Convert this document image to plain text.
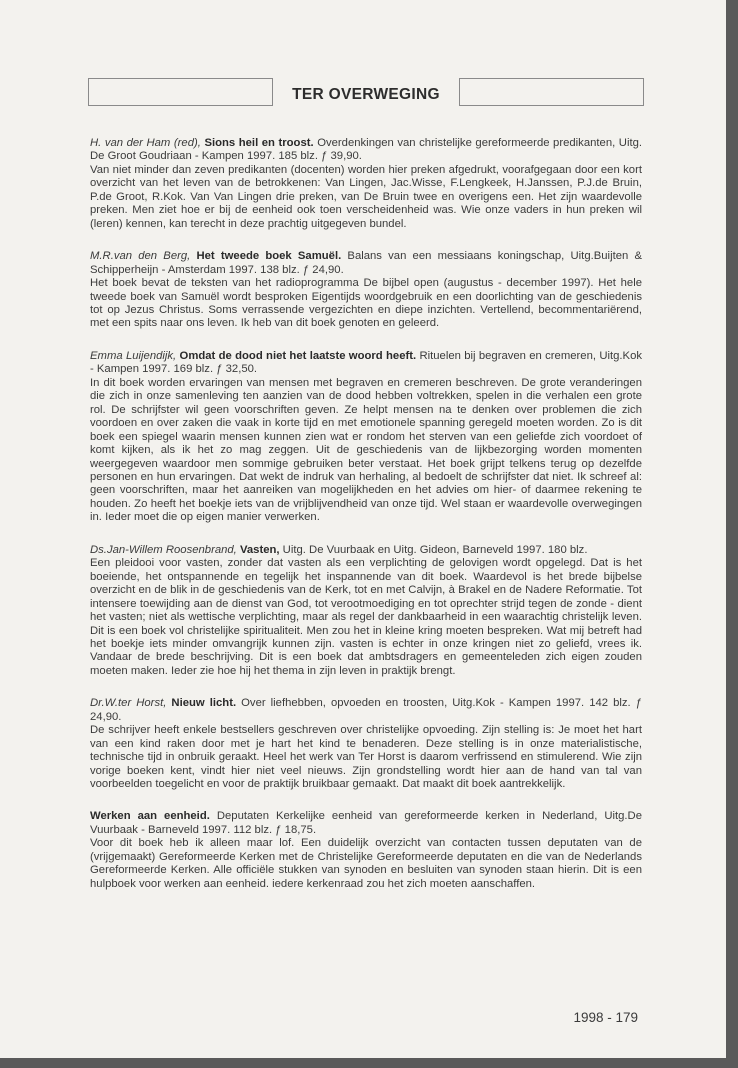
TER OVERWEGING

H. van der Ham (red), Sions heil en troost. Overdenkingen van christelijke gereformeerde predikanten, Uitg. De Groot Goudriaan - Kampen 1997. 185 blz. ƒ 39,90.

Van niet minder dan zeven predikanten (docenten) worden hier preken afgedrukt, voorafgegaan door een kort overzicht van het leven van de betrokkenen: Van Lingen, Jac.Wisse, F.Lengkeek, H.Janssen, P.J.de Bruin, P.de Groot, R.Kok. Van Van Lingen drie preken, van De Bruin twee en overigens een. Het zijn waardevolle preken. Men ziet hoe er bij de eenheid ook toen verscheidenheid was. Wie onze vaders in hun preken wil (leren) kennen, kan terecht in deze prachtig uitgegeven bundel.

M.R.van den Berg, Het tweede boek Samuël. Balans van een messiaans koningschap, Uitg.Buijten & Schipperheijn - Amsterdam 1997. 138 blz. ƒ 24,90.

Het boek bevat de teksten van het radioprogramma De bijbel open (augustus - december 1997). Het hele tweede boek van Samuël wordt besproken Eigentijds woordgebruik en een doorlichting van de geschiedenis tot op Jezus Christus. Soms verrassende vergezichten en diepe inzichten. Vertellend, becommentariërend, met een spits naar ons leven. Ik heb van dit boek genoten en geleerd.

Emma Luijendijk, Omdat de dood niet het laatste woord heeft. Rituelen bij begraven en cremeren, Uitg.Kok - Kampen 1997. 169 blz. ƒ 32,50.

In dit boek worden ervaringen van mensen met begraven en cremeren beschreven. De grote veranderingen die zich in onze samenleving ten aanzien van de dood hebben voltrekken, spelen in die verhalen een grote rol. De schrijfster wil geen voorschriften geven. Ze helpt mensen na te denken over problemen die zich voordoen en over zaken die vaak in korte tijd en met emotionele spanning geregeld moeten worden. Zo is dit boek een spiegel waarin mensen kunnen zien wat er rondom het sterven van een geliefde zich voordoet of komt kijken, als ik het zo mag zeggen. Uit de geschiedenis van de lijkbezorging worden momenten weergegeven waardoor men sommige gebruiken beter verstaat. Het boek grijpt telkens terug op dezelfde personen en hun ervaringen. Dat wekt de indruk van herhaling, al bedoelt de schrijfster dat niet. Ik schreef al: geen voorschriften, maar het aanreiken van mogelijkheden en het advies om hier- of daarmee rekening te houden. Zo heeft het boekje iets van de vrijblijvendheid van onze tijd. Wel staan er waardevolle overwegingen in. Ieder moet die op eigen manier verwerken.

Ds.Jan-Willem Roosenbrand, Vasten, Uitg. De Vuurbaak en Uitg. Gideon, Barneveld 1997. 180 blz.

Een pleidooi voor vasten, zonder dat vasten als een verplichting de gelovigen wordt opgelegd. Dat is het boeiende, het ontspannende en tegelijk het inspannende van dit boek. Waardevol is het brede bijbelse overzicht en de blik in de geschiedenis van de Kerk, tot en met Calvijn, à Brakel en de Nadere Reformatie. Tot intensere toewijding aan de dienst van God, tot verootmoediging en tot oprechter strijd tegen de zonde - dient het vasten; niet als wettische verplichting, maar als regel der dankbaarheid in een waarachtig christelijk leven. Dit is een boek vol christelijke spiritualiteit. Men zou het in kleine kring moeten bespreken. Wat mij betreft had het boekje iets minder omvangrijk kunnen zijn. vasten is echter in onze kringen niet zo geliefd, vrees ik. Vandaar de brede beschrijving. Dit is een boek dat ambtsdragers en gemeenteleden zich eigen zouden moeten maken. Ieder zie hoe hij het thema in zijn leven in praktijk brengt.

Dr.W.ter Horst, Nieuw licht. Over liefhebben, opvoeden en troosten, Uitg.Kok - Kampen 1997. 142 blz. ƒ 24,90.

De schrijver heeft enkele bestsellers geschreven over christelijke opvoeding. Zijn stelling is: Je moet het hart van een kind raken door met je hart het kind te benaderen. Deze stelling is in onze materialistische, technische tijd in onbruik geraakt. Heel het werk van Ter Horst is daarom verfrissend en stimulerend. Wie zijn vorige boeken kent, vindt hier niet veel nieuws. Zijn grondstelling wordt hier aan de hand van tal van voorbeelden toegelicht en voor de praktijk bruikbaar gemaakt. Dat maakt dit boek aantrekkelijk.

Werken aan eenheid. Deputaten Kerkelijke eenheid van gereformeerde kerken in Nederland, Uitg.De Vuurbaak - Barneveld 1997. 112 blz. ƒ 18,75.

Voor dit boek heb ik alleen maar lof. Een duidelijk overzicht van contacten tussen deputaten van de (vrijgemaakt) Gereformeerde Kerken met de Christelijke Gereformeerde deputaten en die van de Nederlands Gereformeerde Kerken. Alle officiële stukken van synoden en besluiten van synoden staan hierin. Dit is een hulpboek voor werken aan eenheid. iedere kerkenraad zou het zich moeten aanschaffen.

1998 - 179
